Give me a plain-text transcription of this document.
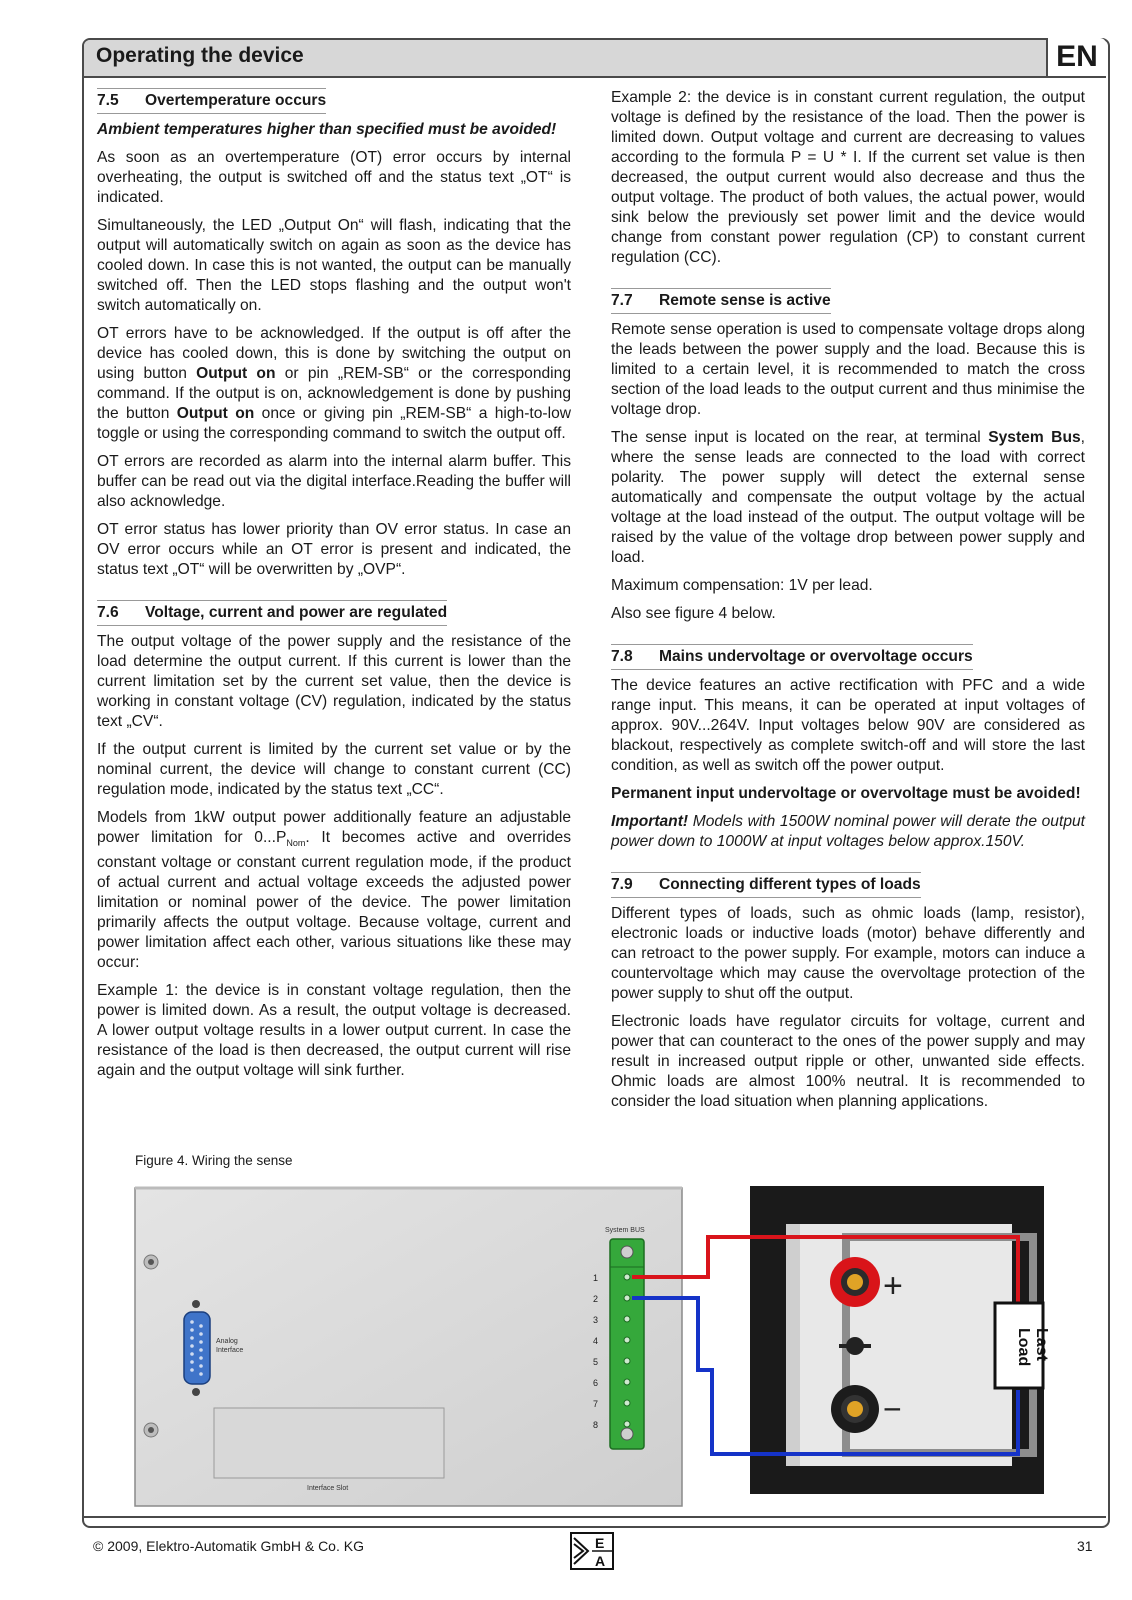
Operating the device	EN
7.5 Overtemperature occurs

Ambient temperatures higher than specified must be avoided!

As soon as an overtemperature (OT) error occurs by internal overheating, the output is switched off and the status text „OT“ is indicated.

Simultaneously, the LED „Output On“ will flash, indicating that the output will automatically switch on again as soon as the device has cooled down. In case this is not wanted, the output can be manually switched off. Then the LED stops flashing and the output won't switch automatically on.

OT errors have to be acknowledged. If the output is off after the device has cooled down, this is done by switching the output on using button Output on or pin „REM-SB“ or the corresponding command. If the output is on, acknowledgement is done by pushing the button Output on once or giving pin „REM-SB“ a high-to-low toggle or using the corresponding command to switch the output off.

OT errors are recorded as alarm into the internal alarm buffer. This buffer can be read out via the digital interface.Reading the buffer will also acknowledge.

OT error status has lower priority than OV error status. In case an OV error occurs while an OT error is present and indicated, the status text „OT“ will be overwritten by „OVP“.

7.6 Voltage, current and power are regulated

The output voltage of the power supply and the resistance of the load determine the output current. If this current is lower than the current limitation set by the current set value, then the device is working in constant voltage (CV) regulation, indicated by the status text „CV“.

If the output current is limited by the current set value or by the nominal current, the device will change to constant current (CC) regulation mode, indicated by the status text „CC“.

Models from 1kW output power additionally feature an adjustable power limitation for $0...P_{Nom}$. It becomes active and overrides constant voltage or constant current regulation mode, if the product of actual current and actual voltage exceeds the adjusted power limitation or nominal power of the device. The power limitation primarily affects the output voltage. Because voltage, current and power limitation affect each other, various situations like these may occur:

Example 1: the device is in constant voltage regulation, then the power is limited down. As a result, the output voltage is decreased. A lower output voltage results in a lower output current. In case the resistance of the load is then decreased, the output current will rise again and the output voltage will sink further.

Example 2: the device is in constant current regulation, the output voltage is defined by the resistance of the load. Then the power is limited down. Output voltage and current are decreasing to values according to the formula P = U * I. If the current set value is then decreased, the output current would also decrease and thus the output voltage. The product of both values, the actual power, would sink below the previously set power limit and the device would change from constant power regulation (CP) to constant current regulation (CC).

7.7 Remote sense is active

Remote sense operation is used to compensate voltage drops along the leads between the power supply and the load. Because this is limited to a certain level, it is recommended to match the cross section of the load leads to the output current and thus minimise the voltage drop.

The sense input is located on the rear, at terminal System Bus, where the sense leads are connected to the load with correct polarity. The power supply will detect the external sense automatically and compensate the output voltage by the actual voltage at the load instead of the output. The output voltage will be raised by the value of the voltage drop between power supply and load.

Maximum compensation: 1V per lead.

Also see figure 4 below.

7.8 Mains undervoltage or overvoltage occurs

The device features an active rectification with PFC and a wide range input. This means, it can be operated at input voltages of approx. 90V...264V. Input voltages below 90V are considered as blackout, respectively as complete switch-off and will store the last condition, as well as switch off the power output.

Permanent input undervoltage or overvoltage must be avoided!

Important! Models with 1500W nominal power will derate the output power down to 1000W at input voltages below approx.150V.

7.9 Connecting different types of loads

Different types of loads, such as ohmic loads (lamp, resistor), electronic loads or inductive loads (motor) behave differently and can retroact to the power supply. For example, motors can induce a countervoltage which may cause the overvoltage protection of the power supply to shut off the output.

Electronic loads have regulator circuits for voltage, current and power that can counteract to the ones of the power supply and may result in increased output ripple or other, unwanted side effects. Ohmic loads are almost 100% neutral. It is recommended to consider the load situation when planning applications.

Figure 4. Wiring the sense
Analog
Interface
Interface Slot
System BUS
1
2
3
4
5
6
7
8
Last
Load
+
−
© 2009, Elektro-Automatik GmbH & Co. KG	E
A
31
